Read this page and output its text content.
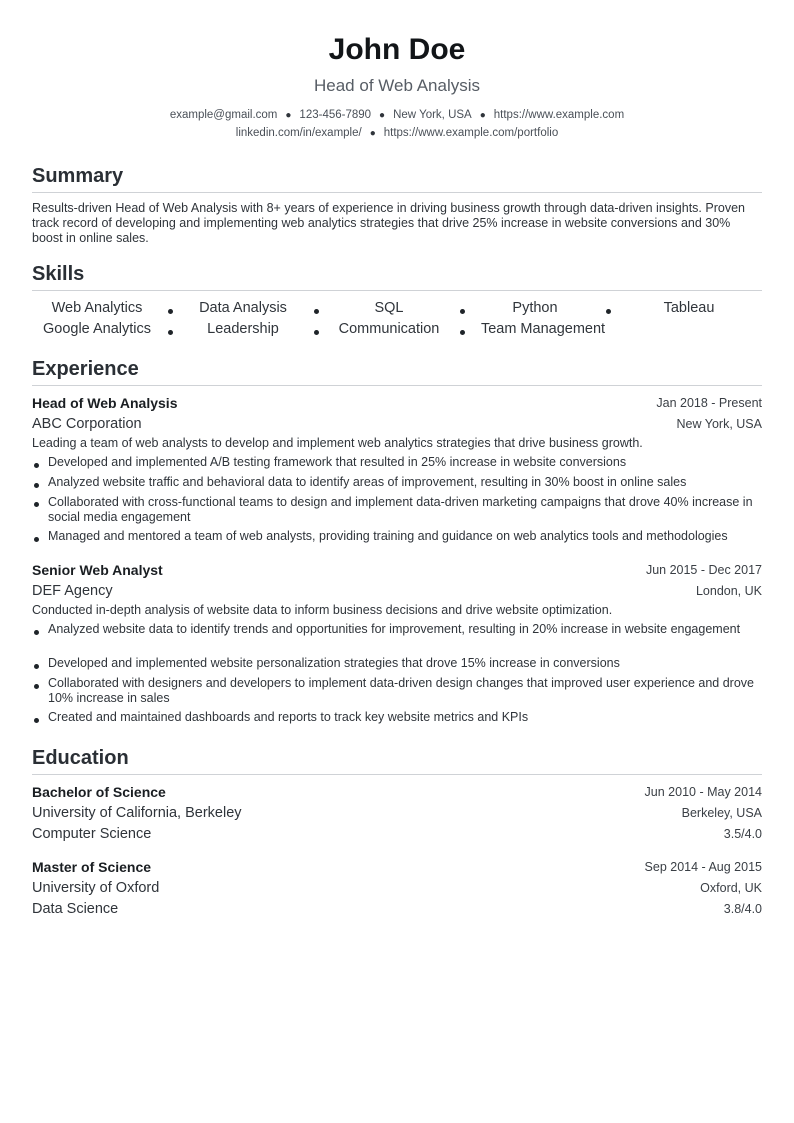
John Doe
Head of Web Analysis
example@gmail.com ● 123-456-7890 ● New York, USA ● https://www.example.com
linkedin.com/in/example/ ● https://www.example.com/portfolio
Summary
Results-driven Head of Web Analysis with 8+ years of experience in driving business growth through data-driven insights. Proven track record of developing and implementing web analytics strategies that drive 25% increase in website conversions and 30% boost in online sales.
Skills
Web Analytics	Data Analysis	SQL	Python	Tableau
Google Analytics	Leadership	Communication	Team Management
Experience
Head of Web Analysis	Jan 2018 - Present
ABC Corporation	New York, USA
Leading a team of web analysts to develop and implement web analytics strategies that drive business growth.
Developed and implemented A/B testing framework that resulted in 25% increase in website conversions
Analyzed website traffic and behavioral data to identify areas of improvement, resulting in 30% boost in online sales
Collaborated with cross-functional teams to design and implement data-driven marketing campaigns that drove 40% increase in social media engagement
Managed and mentored a team of web analysts, providing training and guidance on web analytics tools and methodologies
Senior Web Analyst	Jun 2015 - Dec 2017
DEF Agency	London, UK
Conducted in-depth analysis of website data to inform business decisions and drive website optimization.
Analyzed website data to identify trends and opportunities for improvement, resulting in 20% increase in website engagement
Developed and implemented website personalization strategies that drove 15% increase in conversions
Collaborated with designers and developers to implement data-driven design changes that improved user experience and drove 10% increase in sales
Created and maintained dashboards and reports to track key website metrics and KPIs
Education
Bachelor of Science	Jun 2010 - May 2014
University of California, Berkeley	Berkeley, USA
Computer Science	3.5/4.0
Master of Science	Sep 2014 - Aug 2015
University of Oxford	Oxford, UK
Data Science	3.8/4.0
